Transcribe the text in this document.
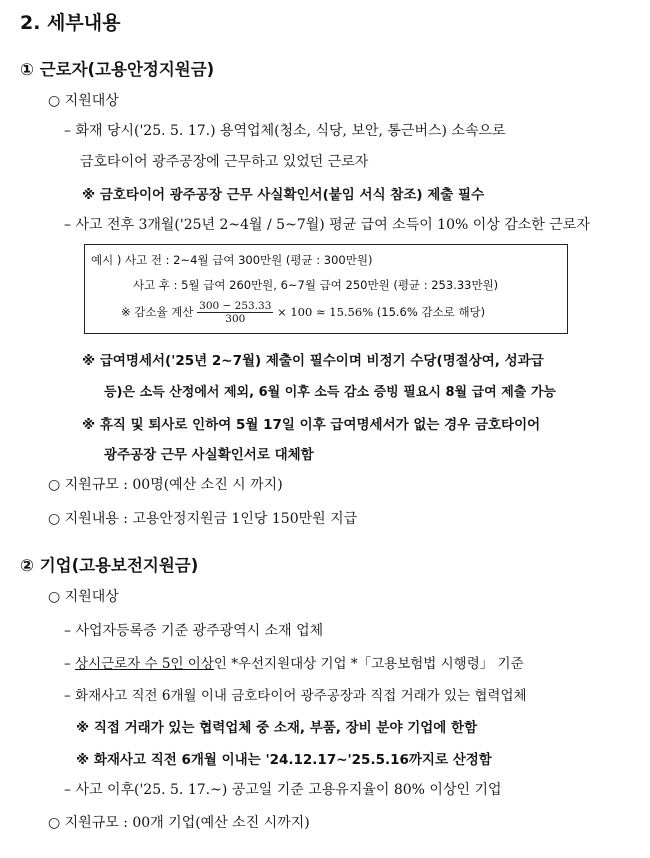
2. 세부내용
① 근로자(고용안정지원금)
○ 지원대상
– 화재 당시('25. 5. 17.) 용역업체(청소, 식당, 보안, 통근버스) 소속으로
금호타이어 광주공장에 근무하고 있었던 근로자
※ 금호타이어 광주공장 근무 사실확인서(붙임 서식 참조) 제출 필수
– 사고 전후 3개월('25년 2~4월 / 5~7월) 평균 급여 소득이 10% 이상 감소한 근로자
예시 ) 사고 전 : 2~4월 급여 300만원 (평균 : 300만원)
사고 후 : 5월 급여 260만원, 6~7월 급여 250만원 (평균 : 253.33만원)
※ 감소율 계산 $\frac{300 - 253.33}{300} \times 100 \approx 15.56\%$ (15.6% 감소로 해당)
※ 급여명세서('25년 2~7월) 제출이 필수이며 비정기 수당(명절상여, 성과급
등)은 소득 산정에서 제외, 6월 이후 소득 감소 증빙 필요시 8월 급여 제출 가능
※ 휴직 및 퇴사로 인하여 5월 17일 이후 급여명세서가 없는 경우 금호타이어
광주공장 근무 사실확인서로 대체함
○ 지원규모 : 00명(예산 소진 시 까지)
○ 지원내용 : 고용안정지원금 1인당 150만원 지급
② 기업(고용보전지원금)
○ 지원대상
– 사업자등록증 기준 광주광역시 소재 업체
– 상시근로자 수 5인 이상인 *우선지원대상 기업 *「고용보험법 시행령」 기준
– 화재사고 직전 6개월 이내 금호타이어 광주공장과 직접 거래가 있는 협력업체
※ 직접 거래가 있는 협력업체 중 소재, 부품, 장비 분야 기업에 한함
※ 화재사고 직전 6개월 이내는 '24.12.17~'25.5.16까지로 산정함
– 사고 이후('25. 5. 17.~) 공고일 기준 고용유지율이 80% 이상인 기업
○ 지원규모 : 00개 기업(예산 소진 시까지)
